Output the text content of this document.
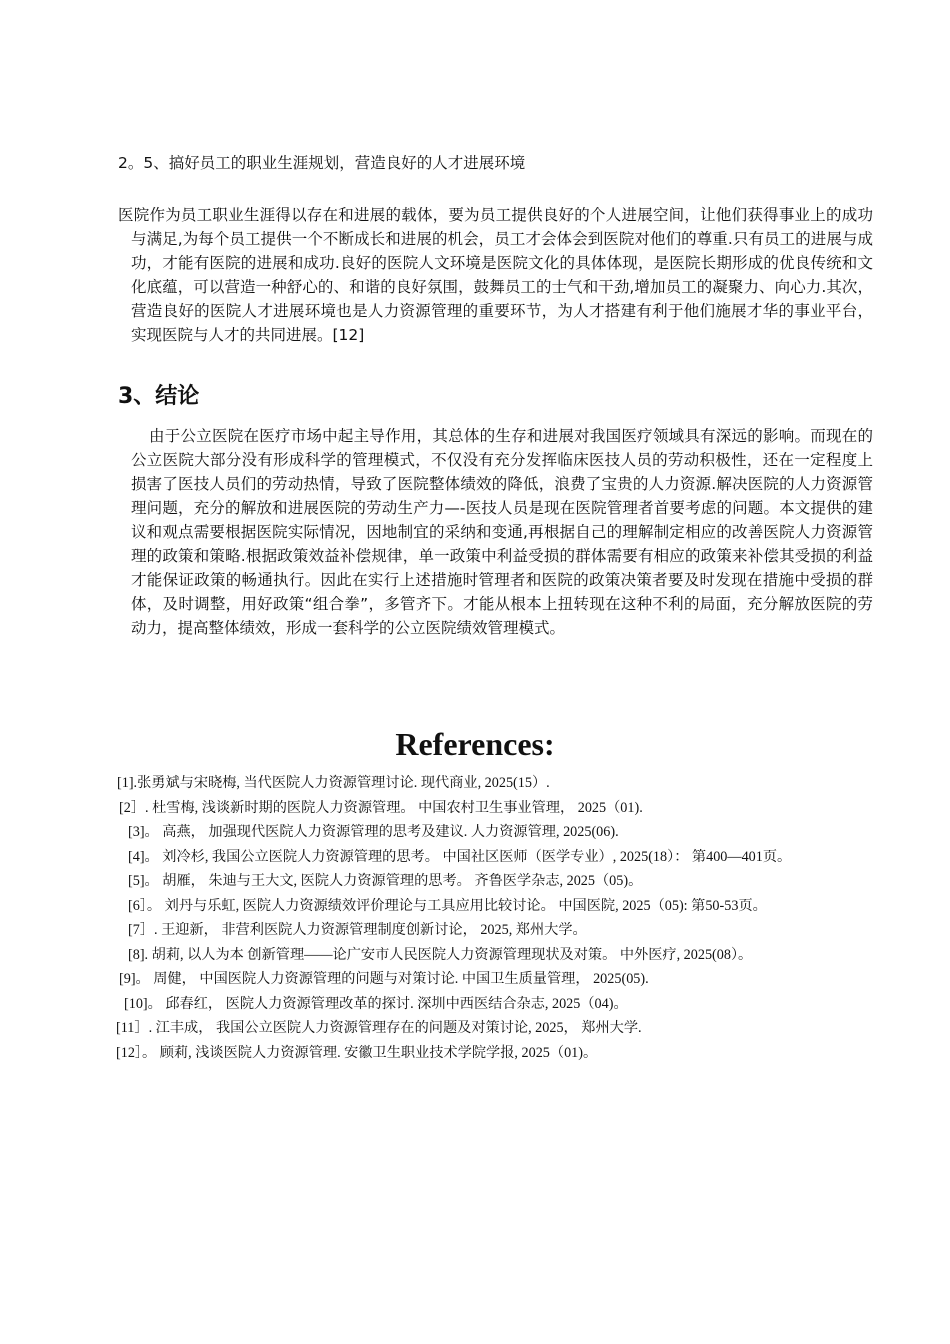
2。5、搞好员工的职业生涯规划，营造良好的人才进展环境
医院作为员工职业生涯得以存在和进展的载体，要为员工提供良好的个人进展空间，让他们获得事业上的成功与满足,为每个员工提供一个不断成长和进展的机会，员工才会体会到医院对他们的尊重.只有员工的进展与成功，才能有医院的进展和成功.良好的医院人文环境是医院文化的具体体现，是医院长期形成的优良传统和文化底蕴，可以营造一种舒心的、和谐的良好氛围，鼓舞员工的士气和干劲,增加员工的凝聚力、向心力.其次，营造良好的医院人才进展环境也是人力资源管理的重要环节，为人才搭建有利于他们施展才华的事业平台，实现医院与人才的共同进展。[12]
3、结论
由于公立医院在医疗市场中起主导作用，其总体的生存和进展对我国医疗领域具有深远的影响。而现在的公立医院大部分没有形成科学的管理模式，不仅没有充分发挥临床医技人员的劳动积极性，还在一定程度上损害了医技人员们的劳动热情，导致了医院整体绩效的降低，浪费了宝贵的人力资源.解决医院的人力资源管理问题，充分的解放和进展医院的劳动生产力—-医技人员是现在医院管理者首要考虑的问题。本文提供的建议和观点需要根据医院实际情况，因地制宜的采纳和变通,再根据自己的理解制定相应的改善医院人力资源管理的政策和策略.根据政策效益补偿规律，单一政策中利益受损的群体需要有相应的政策来补偿其受损的利益才能保证政策的畅通执行。因此在实行上述措施时管理者和医院的政策决策者要及时发现在措施中受损的群体，及时调整，用好政策“组合拳”，多管齐下。才能从根本上扭转现在这种不利的局面，充分解放医院的劳动力，提高整体绩效，形成一套科学的公立医院绩效管理模式。
References:
[1].张勇斌与宋晓梅, 当代医院人力资源管理讨论. 现代商业, 2025(15）.
[2］. 杜雪梅, 浅谈新时期的医院人力资源管理。 中国农村卫生事业管理， 2025（01).
[3]。 高燕， 加强现代医院人力资源管理的思考及建议. 人力资源管理, 2025(06).
[4]。 刘冷杉, 我国公立医院人力资源管理的思考。 中国社区医师（医学专业）, 2025(18）： 第400—401页。
[5]。 胡雁， 朱迪与王大文, 医院人力资源管理的思考。 齐鲁医学杂志, 2025（05)。
[6］。 刘丹与乐虹, 医院人力资源绩效评价理论与工具应用比较讨论。 中国医院, 2025（05): 第50-53页。
[7］. 王迎新， 非营利医院人力资源管理制度创新讨论， 2025, 郑州大学。
[8]. 胡莉, 以人为本 创新管理——论广安市人民医院人力资源管理现状及对策。 中外医疗, 2025(08）。
[9]。 周健， 中国医院人力资源管理的问题与对策讨论. 中国卫生质量管理， 2025(05).
[10]。 邱春红， 医院人力资源管理改革的探讨. 深圳中西医结合杂志, 2025（04)。
[11］. 江丰成， 我国公立医院人力资源管理存在的问题及对策讨论, 2025， 郑州大学.
[12］。 顾莉, 浅谈医院人力资源管理. 安徽卫生职业技术学院学报, 2025（01)。
